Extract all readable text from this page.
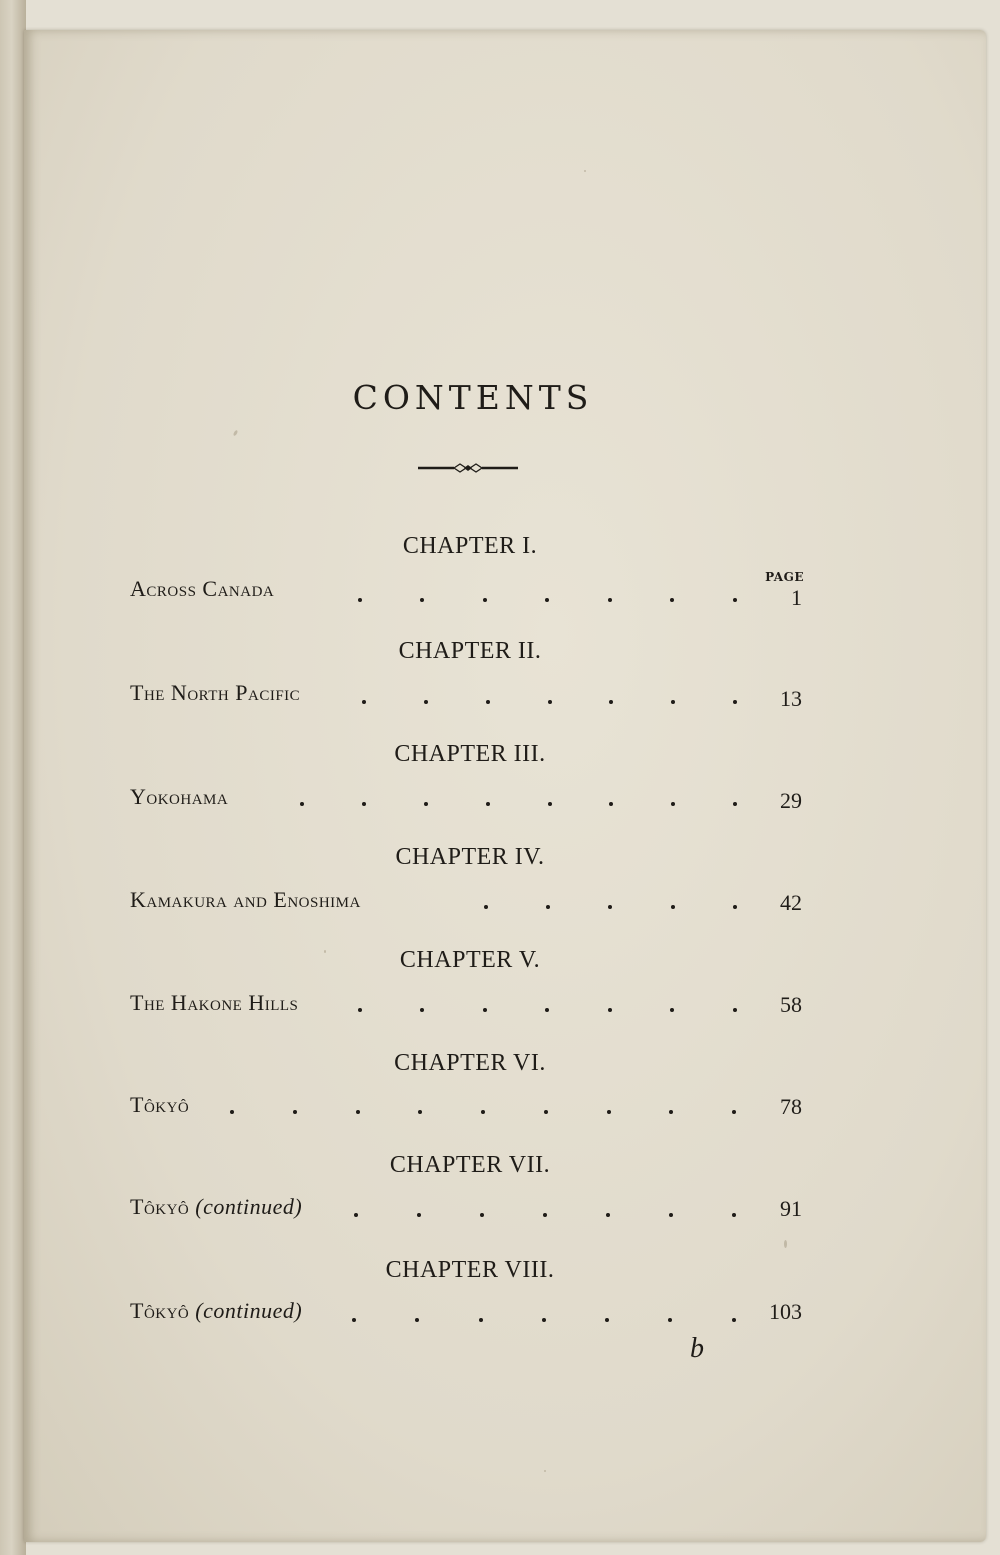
CONTENTS
PAGE
CHAPTER I.
Across Canada	1
CHAPTER II.
The North Pacific	13
CHAPTER III.
Yokohama	29
CHAPTER IV.
Kamakura and Enoshima	42
CHAPTER V.
The Hakone Hills	58
CHAPTER VI.
Tôkyô	78
CHAPTER VII.
Tôkyô (continued)	91
CHAPTER VIII.
Tôkyô (continued)	103
b
